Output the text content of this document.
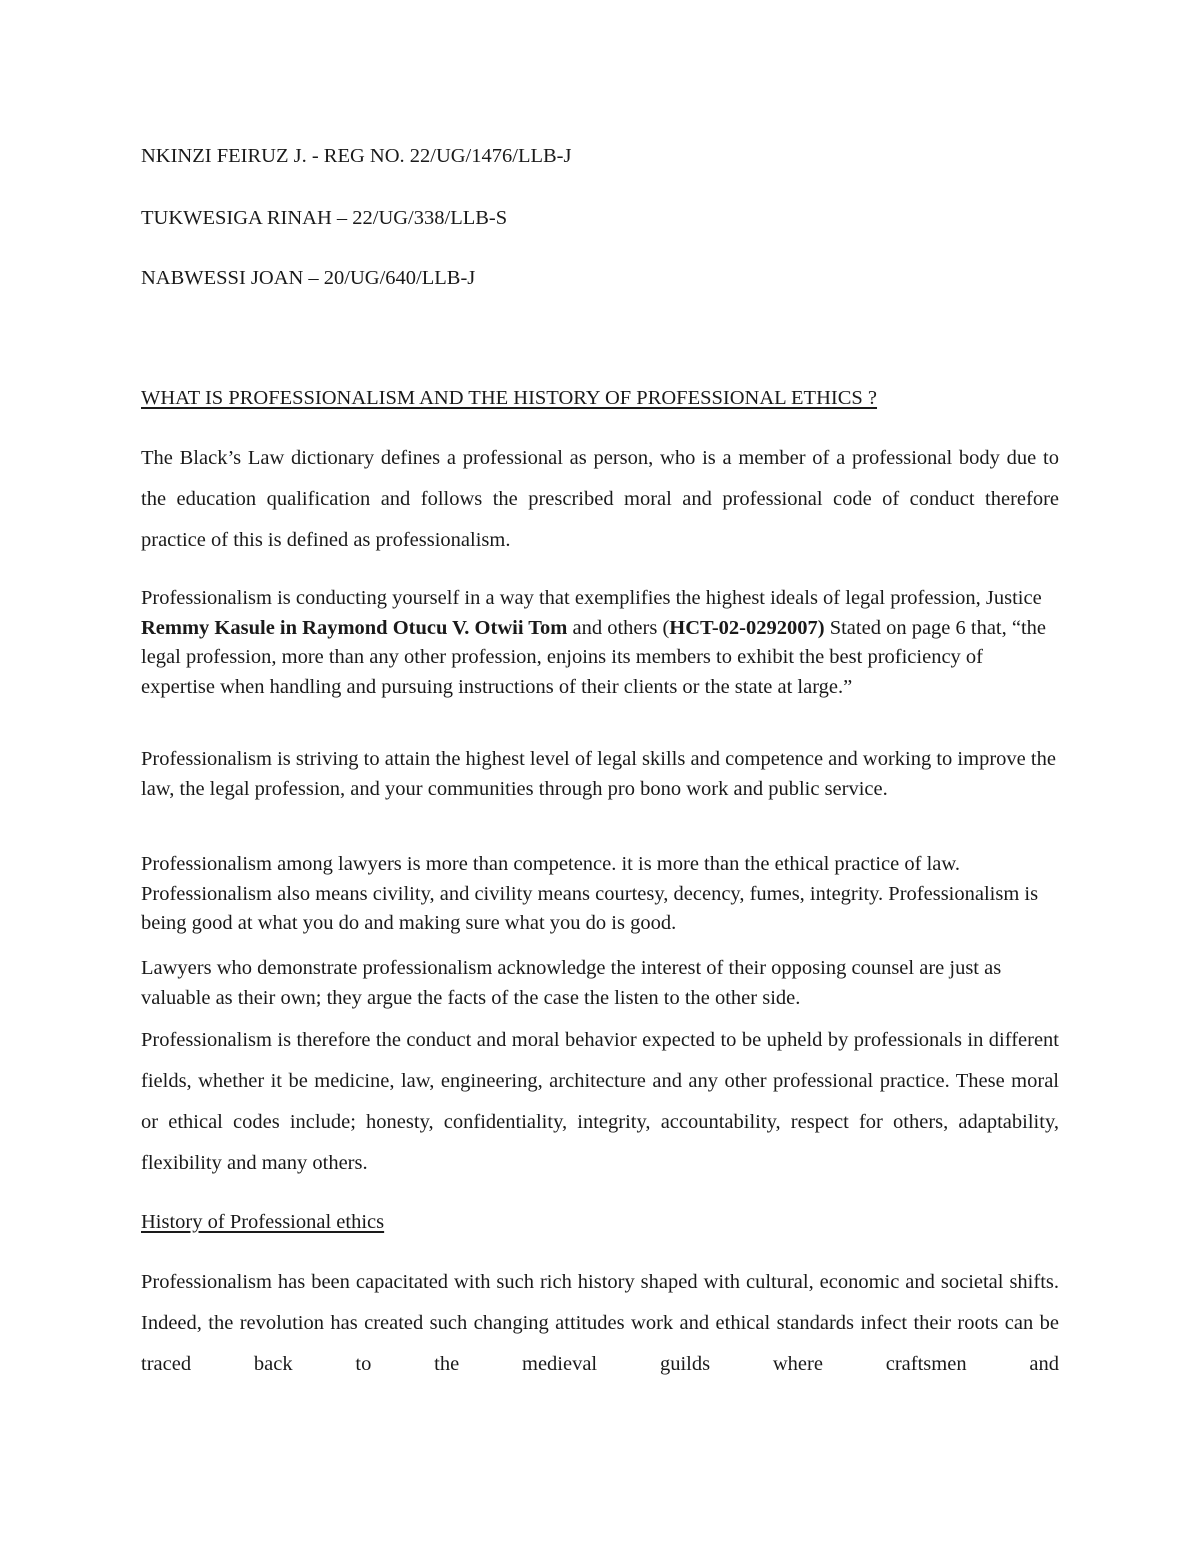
NKINZI FEIRUZ J. - REG NO. 22/UG/1476/LLB-J
TUKWESIGA RINAH – 22/UG/338/LLB-S
NABWESSI JOAN – 20/UG/640/LLB-J
WHAT IS PROFESSIONALISM AND THE HISTORY OF PROFESSIONAL ETHICS ?

The Black’s Law dictionary defines a professional as person, who is a member of a professional body due to the education qualification and follows the prescribed moral and professional code of conduct therefore practice of this is defined as professionalism.

Professionalism is conducting yourself in a way that exemplifies the highest ideals of legal profession, Justice Remmy Kasule in Raymond Otucu V. Otwii Tom and others (HCT-02-0292007) Stated on page 6 that, “the legal profession, more than any other profession, enjoins its members to exhibit the best proficiency of expertise when handling and pursuing instructions of their clients or the state at large.”

Professionalism is striving to attain the highest level of legal skills and competence and working to improve the law, the legal profession, and your communities through pro bono work and public service.

Professionalism among lawyers is more than competence. it is more than the ethical practice of law. Professionalism also means civility, and civility means courtesy, decency, fumes, integrity. Professionalism is being good at what you do and making sure what you do is good.

Lawyers who demonstrate professionalism acknowledge the interest of their opposing counsel are just as valuable as their own; they argue the facts of the case the listen to the other side.

Professionalism is therefore the conduct and moral behavior expected to be upheld by professionals in different fields, whether it be medicine, law, engineering, architecture and any other professional practice. These moral or ethical codes include; honesty, confidentiality, integrity, accountability, respect for others, adaptability, flexibility and many others.

History of Professional ethics

Professionalism has been capacitated with such rich history shaped with cultural, economic and societal shifts. Indeed, the revolution has created such changing attitudes work and ethical standards infect their roots can be traced back to the medieval guilds where craftsmen and
